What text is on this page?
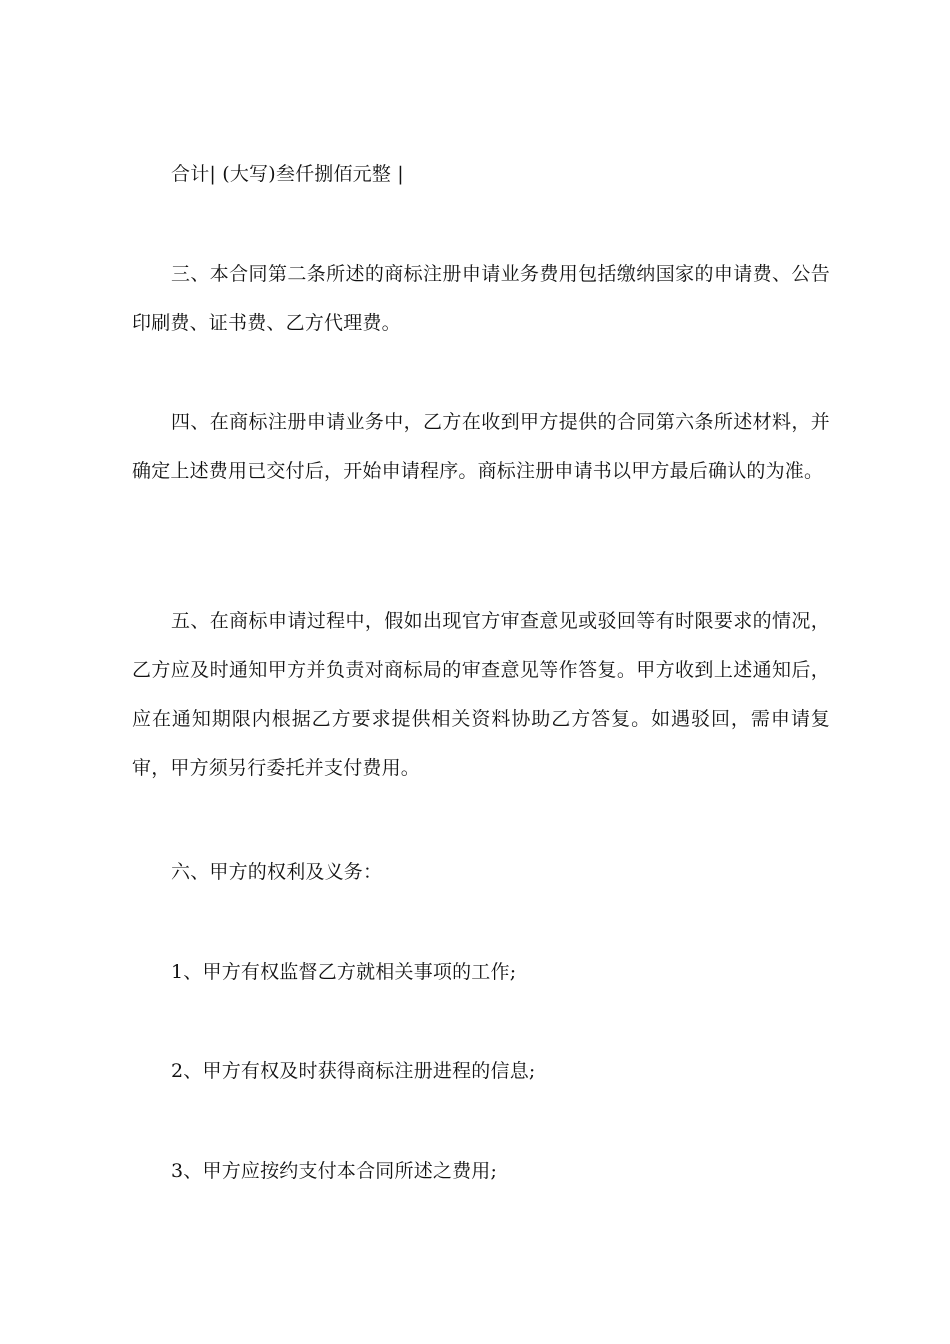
合计| (大写)叁仟捌佰元整 |

三、本合同第二条所述的商标注册申请业务费用包括缴纳国家的申请费、公告印刷费、证书费、乙方代理费。

四、在商标注册申请业务中，乙方在收到甲方提供的合同第六条所述材料，并确定上述费用已交付后，开始申请程序。商标注册申请书以甲方最后确认的为准。

五、在商标申请过程中，假如出现官方审查意见或驳回等有时限要求的情况，乙方应及时通知甲方并负责对商标局的审查意见等作答复。甲方收到上述通知后，应在通知期限内根据乙方要求提供相关资料协助乙方答复。如遇驳回，需申请复审，甲方须另行委托并支付费用。

六、甲方的权利及义务：

1、甲方有权监督乙方就相关事项的工作;

2、甲方有权及时获得商标注册进程的信息;

3、甲方应按约支付本合同所述之费用;
